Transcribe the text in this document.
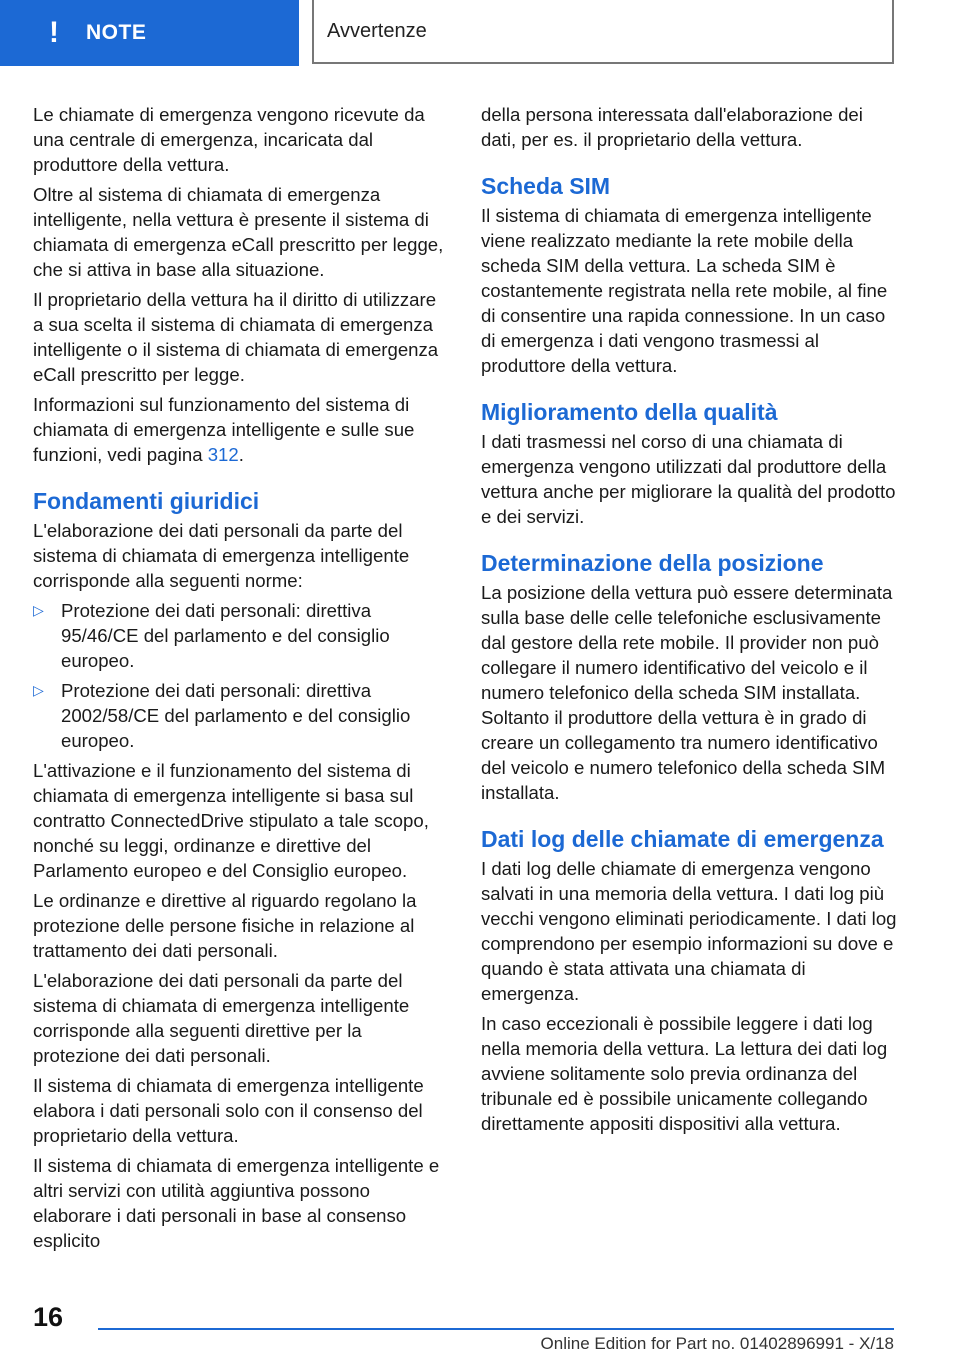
!	NOTE	Avvertenze

Le chiamate di emergenza vengono ricevute da una centrale di emergenza, incaricata dal produttore della vettura.

Oltre al sistema di chiamata di emergenza intelligente, nella vettura è presente il sistema di chiamata di emergenza eCall prescritto per legge, che si attiva in base alla situazione.

Il proprietario della vettura ha il diritto di utilizzare a sua scelta il sistema di chiamata di emergenza intelligente o il sistema di chiamata di emergenza eCall prescritto per legge.

Informazioni sul funzionamento del sistema di chiamata di emergenza intelligente e sulle sue funzioni, vedi pagina 312.

Fondamenti giuridici

L'elaborazione dei dati personali da parte del sistema di chiamata di emergenza intelligente corrisponde alla seguenti norme:

▷ Protezione dei dati personali: direttiva 95/46/CE del parlamento e del consiglio europeo.
▷ Protezione dei dati personali: direttiva 2002/58/CE del parlamento e del consiglio europeo.

L'attivazione e il funzionamento del sistema di chiamata di emergenza intelligente si basa sul contratto ConnectedDrive stipulato a tale scopo, nonché su leggi, ordinanze e direttive del Parlamento europeo e del Consiglio europeo.

Le ordinanze e direttive al riguardo regolano la protezione delle persone fisiche in relazione al trattamento dei dati personali.

L'elaborazione dei dati personali da parte del sistema di chiamata di emergenza intelligente corrisponde alla seguenti direttive per la protezione dei dati personali.

Il sistema di chiamata di emergenza intelligente elabora i dati personali solo con il consenso del proprietario della vettura.

Il sistema di chiamata di emergenza intelligente e altri servizi con utilità aggiuntiva possono elaborare i dati personali in base al consenso esplicito

della persona interessata dall'elaborazione dei dati, per es. il proprietario della vettura.

Scheda SIM

Il sistema di chiamata di emergenza intelligente viene realizzato mediante la rete mobile della scheda SIM della vettura. La scheda SIM è costantemente registrata nella rete mobile, al fine di consentire una rapida connessione. In un caso di emergenza i dati vengono trasmessi al produttore della vettura.

Miglioramento della qualità

I dati trasmessi nel corso di una chiamata di emergenza vengono utilizzati dal produttore della vettura anche per migliorare la qualità del prodotto e dei servizi.

Determinazione della posizione

La posizione della vettura può essere determinata sulla base delle celle telefoniche esclusivamente dal gestore della rete mobile. Il provider non può collegare il numero identificativo del veicolo e il numero telefonico della scheda SIM installata. Soltanto il produttore della vettura è in grado di creare un collegamento tra numero identificativo del veicolo e numero telefonico della scheda SIM installata.

Dati log delle chiamate di emergenza

I dati log delle chiamate di emergenza vengono salvati in una memoria della vettura. I dati log più vecchi vengono eliminati periodicamente. I dati log comprendono per esempio informazioni su dove e quando è stata attivata una chiamata di emergenza.

In caso eccezionali è possibile leggere i dati log nella memoria della vettura. La lettura dei dati log avviene solitamente solo previa ordinanza del tribunale ed è possibile unicamente collegando direttamente appositi dispositivi alla vettura.

16
Online Edition for Part no. 01402896991 - X/18
